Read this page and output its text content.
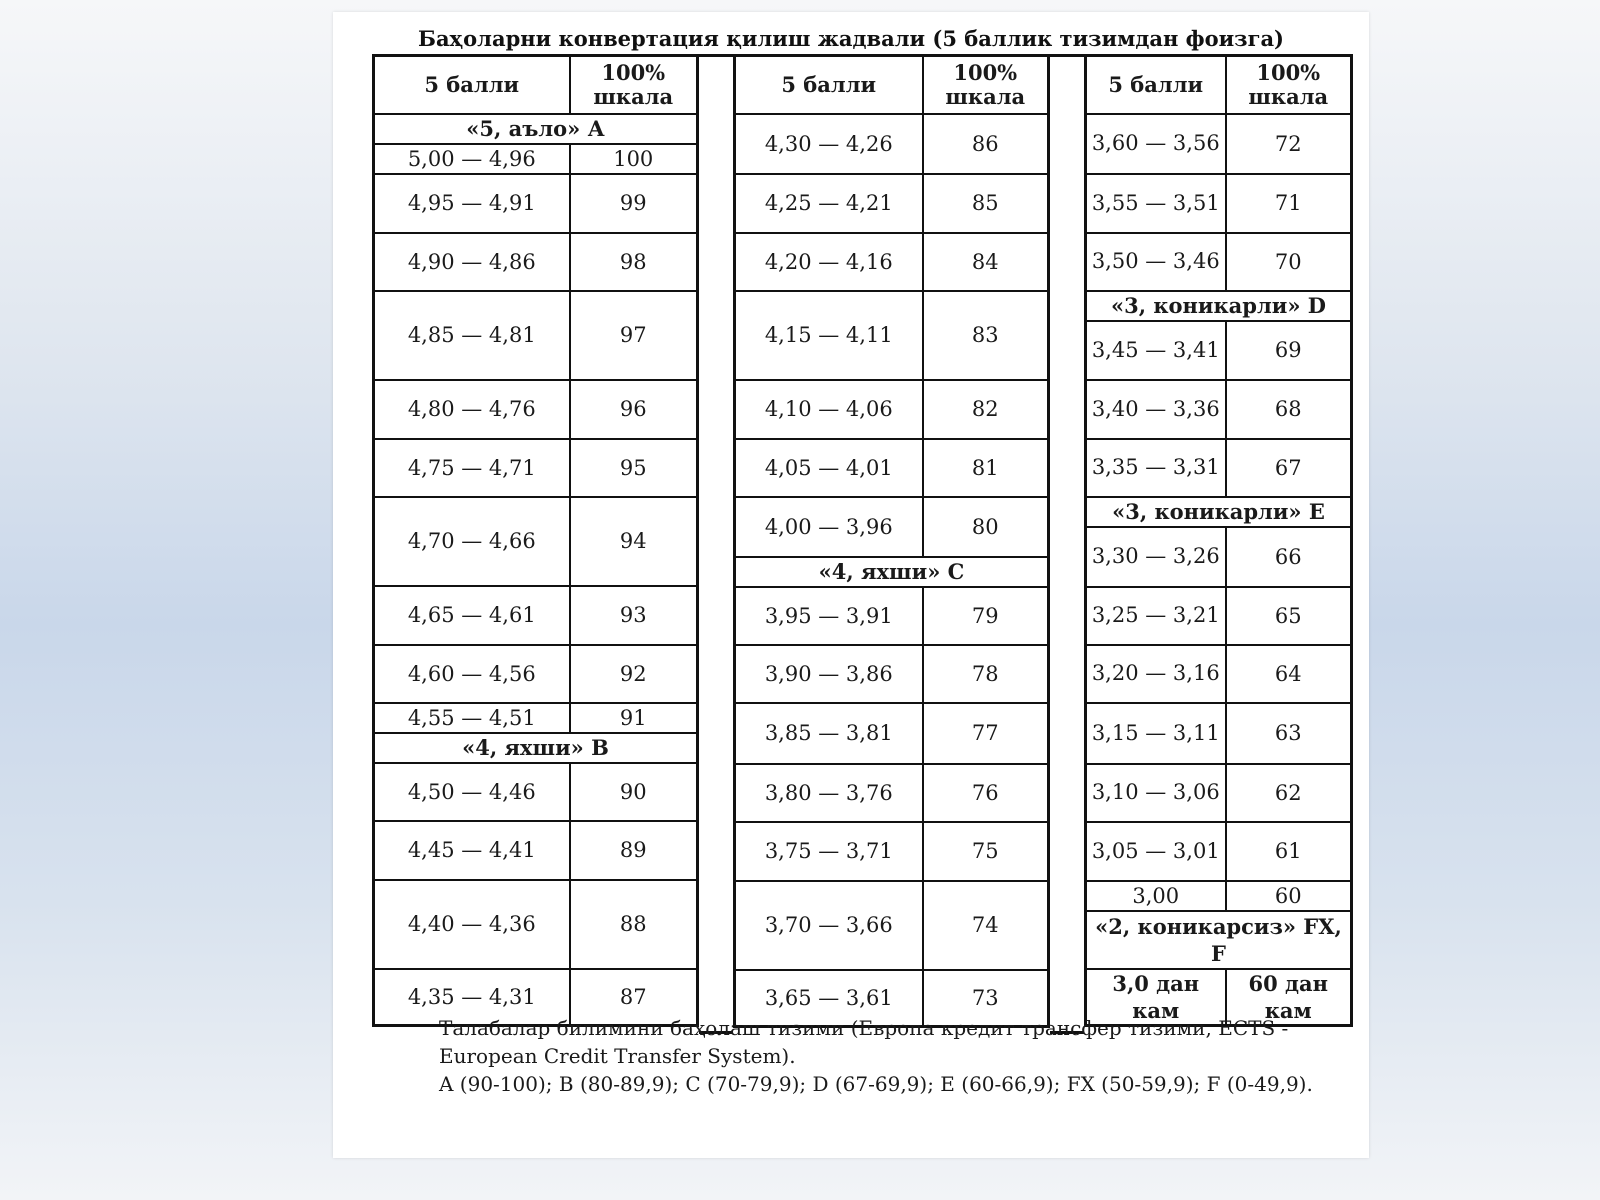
Баҳоларни конвертация қилиш жадвали (5 баллик тизимдан фоизга)
5 балли	100% шкала
«5, аъло» А	
5,00 — 4,96	100
4,95 — 4,91	99
4,90 — 4,86	98
4,85 — 4,81	97
4,80 — 4,76	96
4,75 — 4,71	95
4,70 — 4,66	94
4,65 — 4,61	93
4,60 — 4,56	92
4,55 — 4,51	91
«4, яхши» В	
4,50 — 4,46	90
4,45 — 4,41	89
4,40 — 4,36	88
4,35 — 4,31	87
5 балли	100% шкала
4,30 — 4,26	86
4,25 — 4,21	85
4,20 — 4,16	84
4,15 — 4,11	83
4,10 — 4,06	82
4,05 — 4,01	81
4,00 — 3,96	80
«4, яхши» С	
3,95 — 3,91	79
3,90 — 3,86	78
3,85 — 3,81	77
3,80 — 3,76	76
3,75 — 3,71	75
3,70 — 3,66	74
3,65 — 3,61	73
5 балли	100% шкала
3,60 — 3,56	72
3,55 — 3,51	71
3,50 — 3,46	70
«3, коникарли» D	
3,45 — 3,41	69
3,40 — 3,36	68
3,35 — 3,31	67
«3, коникарли» Е	
3,30 — 3,26	66
3,25 — 3,21	65
3,20 — 3,16	64
3,15 — 3,11	63
3,10 — 3,06	62
3,05 — 3,01	61
3,00	60
«2, коникарсиз» FX, F	
3,0 дан кам	60 дан кам

Талабалар билимини баҳолаш тизими (Европа кредит трансфер тизими, ECTS - European Credit Transfer System).

A (90-100); B (80-89,9); C (70-79,9); D (67-69,9); E (60-66,9); FX (50-59,9); F (0-49,9).
